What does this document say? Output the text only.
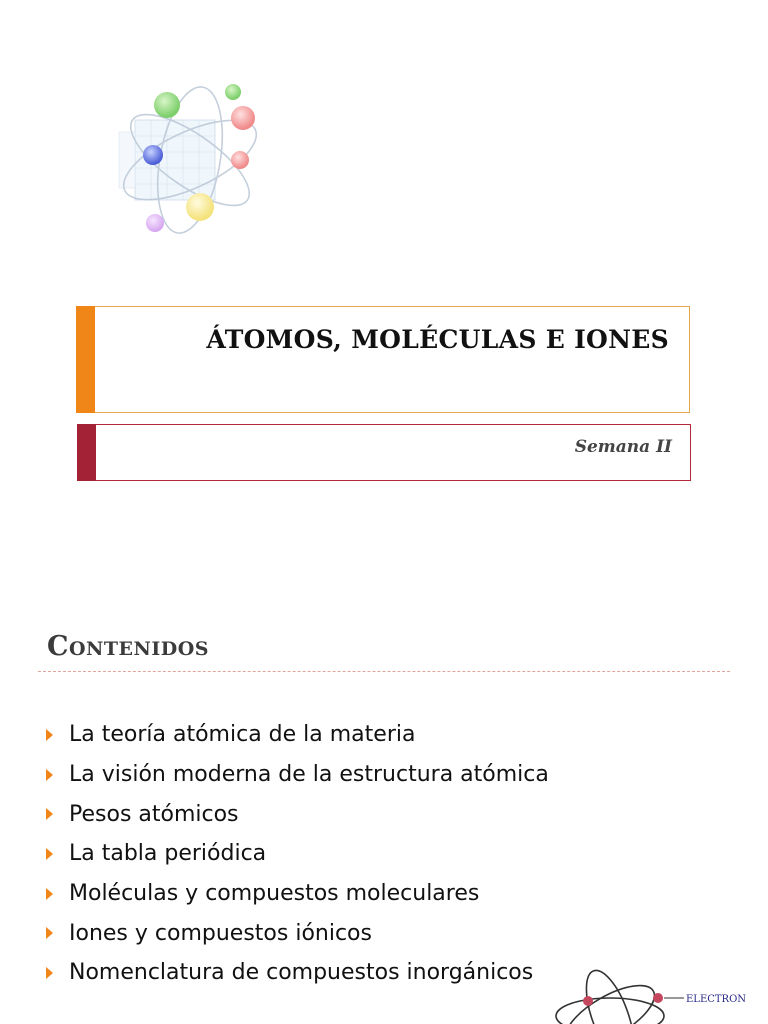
ÁTOMOS, MOLÉCULAS E IONES
Semana II
Contenidos
La teoría atómica de la materia
La visión moderna de la estructura atómica
Pesos atómicos
La tabla periódica
Moléculas y compuestos moleculares
Iones y compuestos iónicos
Nomenclatura de compuestos inorgánicos
ELECTRON
